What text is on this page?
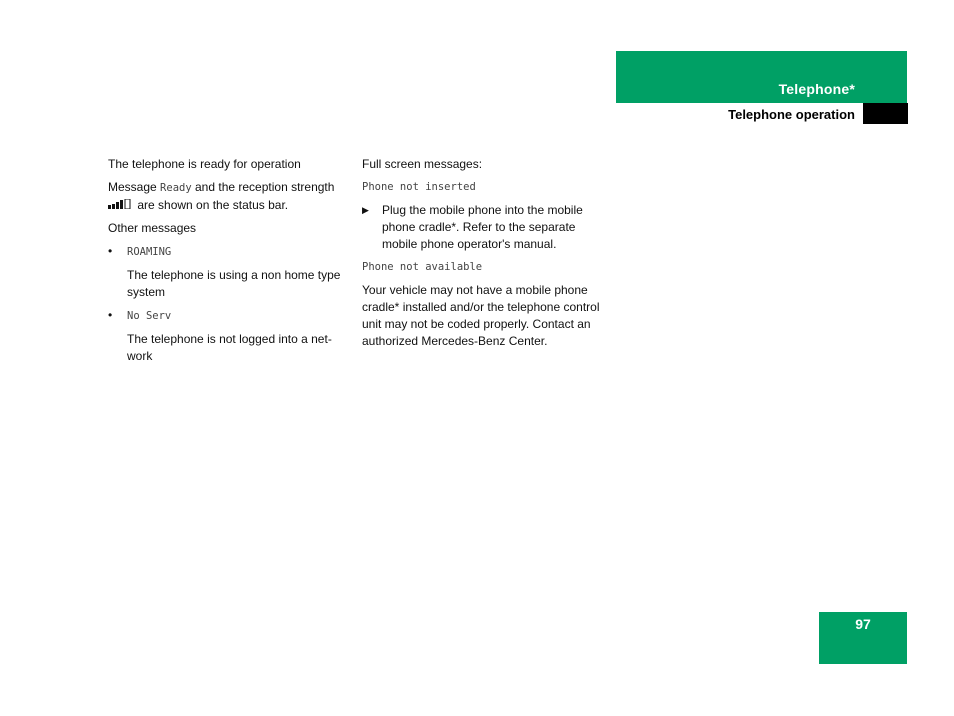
Telephone*
Telephone operation

The telephone is ready for operation

Message Ready and the reception strength
are shown on the status bar.

Other messages

• ROAMING

The telephone is using a non home type system

• No Serv

The telephone is not logged into a net-work

Full screen messages:

Phone not inserted

▶ Plug the mobile phone into the mobile phone cradle*. Refer to the separate mobile phone operator's manual.

Phone not available

Your vehicle may not have a mobile phone cradle* installed and/or the telephone control unit may not be coded properly. Contact an authorized Mercedes-Benz Center.

97
